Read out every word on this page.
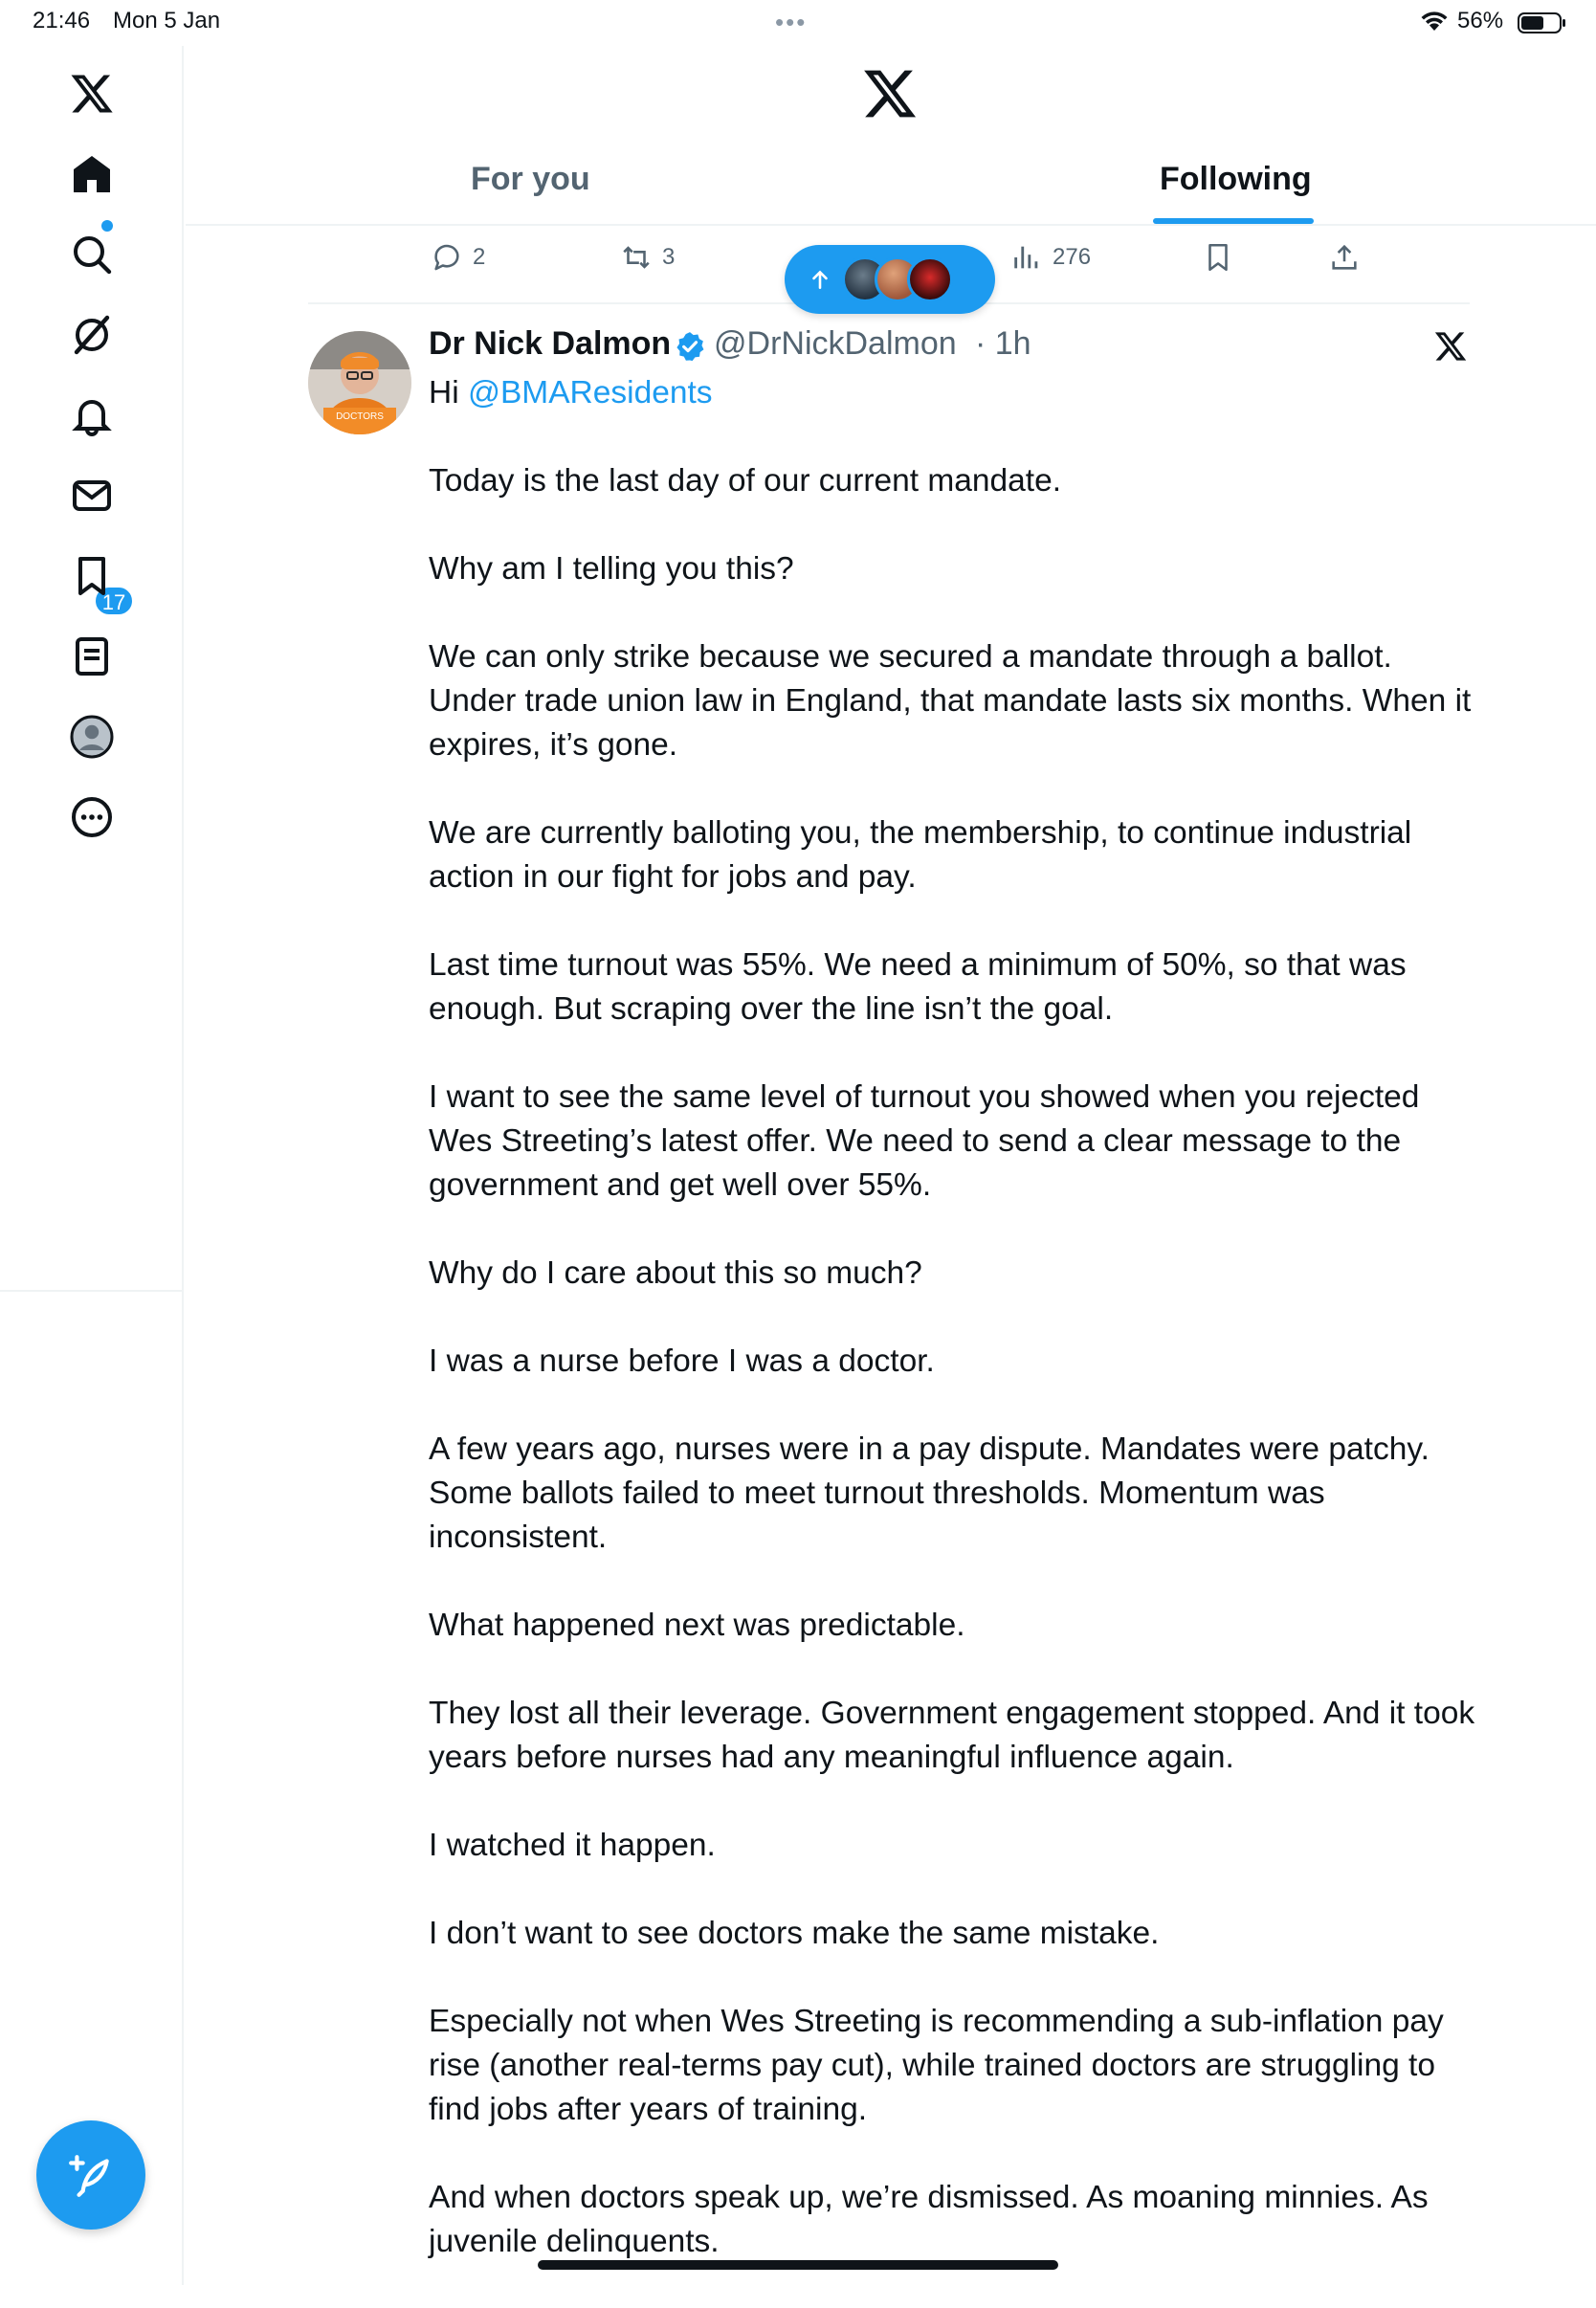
21:46 Mon 5 Jan	•••	56%
17
For you	Following
2	3	276
DOCTORS
Dr Nick Dalmon @DrNickDalmon · 1h

Hi @BMAResidents

Today is the last day of our current mandate.

Why am I telling you this?

We can only strike because we secured a mandate through a ballot. Under trade union law in England, that mandate lasts six months. When it expires, it’s gone.

We are currently balloting you, the membership, to continue industrial action in our fight for jobs and pay.

Last time turnout was 55%. We need a minimum of 50%, so that was enough. But scraping over the line isn’t the goal.

I want to see the same level of turnout you showed when you rejected Wes Streeting’s latest offer. We need to send a clear message to the government and get well over 55%.

Why do I care about this so much?

I was a nurse before I was a doctor.

A few years ago, nurses were in a pay dispute. Mandates were patchy. Some ballots failed to meet turnout thresholds. Momentum was inconsistent.

What happened next was predictable.

They lost all their leverage. Government engagement stopped. And it took years before nurses had any meaningful influence again.

I watched it happen.

I don’t want to see doctors make the same mistake.

Especially not when Wes Streeting is recommending a sub-inflation pay rise (another real-terms pay cut), while trained doctors are struggling to find jobs after years of training.

And when doctors speak up, we’re dismissed. As moaning minnies. As juvenile delinquents.
